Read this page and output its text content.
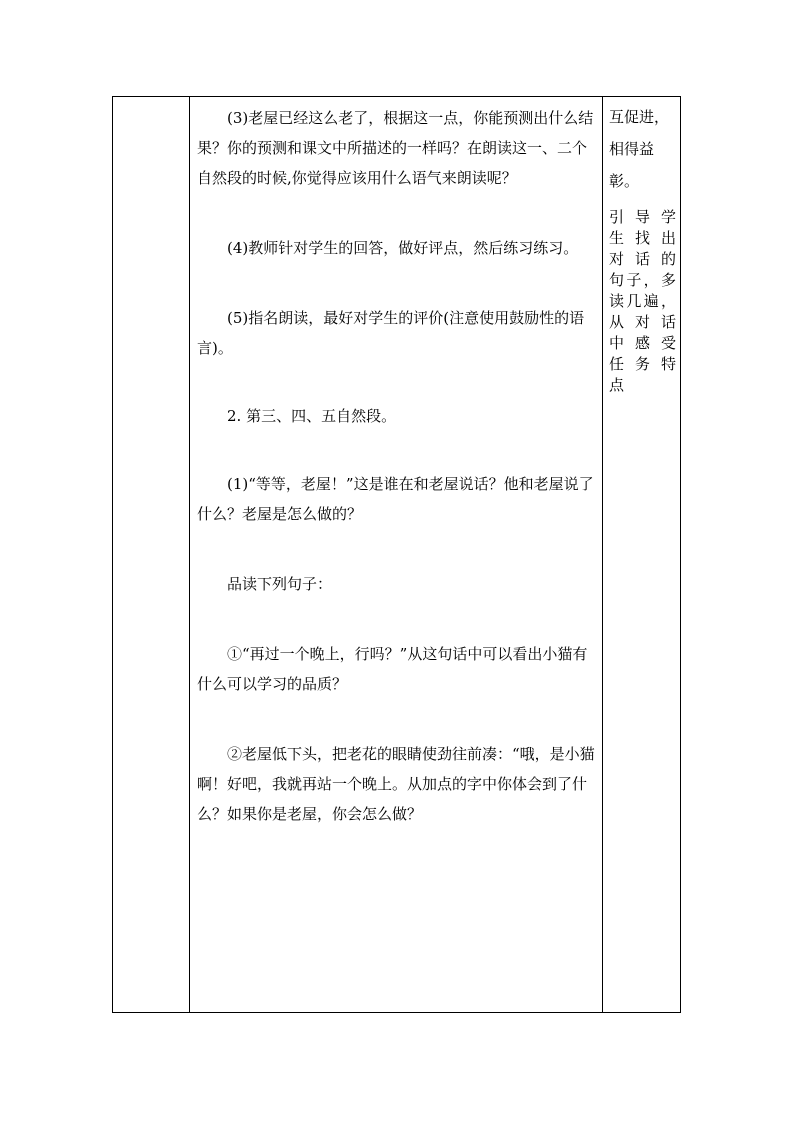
(3)老屋已经这么老了，根据这一点，你能预测出什么结果？你的预测和课文中所描述的一样吗？在朗读这一、二个自然段的时候,你觉得应该用什么语气来朗读呢？

(4)教师针对学生的回答，做好评点，然后练习练习。

(5)指名朗读，最好对学生的评价(注意使用鼓励性的语言)。

2. 第三、四、五自然段。

(1)“等等，老屋！”这是谁在和老屋说话？他和老屋说了什么？老屋是怎么做的？

品读下列句子：

①“再过一个晚上，行吗？”从这句话中可以看出小猫有什么可以学习的品质？

②老屋低下头，把老花的眼睛使劲往前凑：“哦，是小猫啊！好吧，我就再站一个晚上。从加点的字中你体会到了什么？如果你是老屋，你会怎么做？

互促进，相得益彰。

引导学
生找出
对话的
句子，多
读几遍，
从对话
中感受
任务特
点
